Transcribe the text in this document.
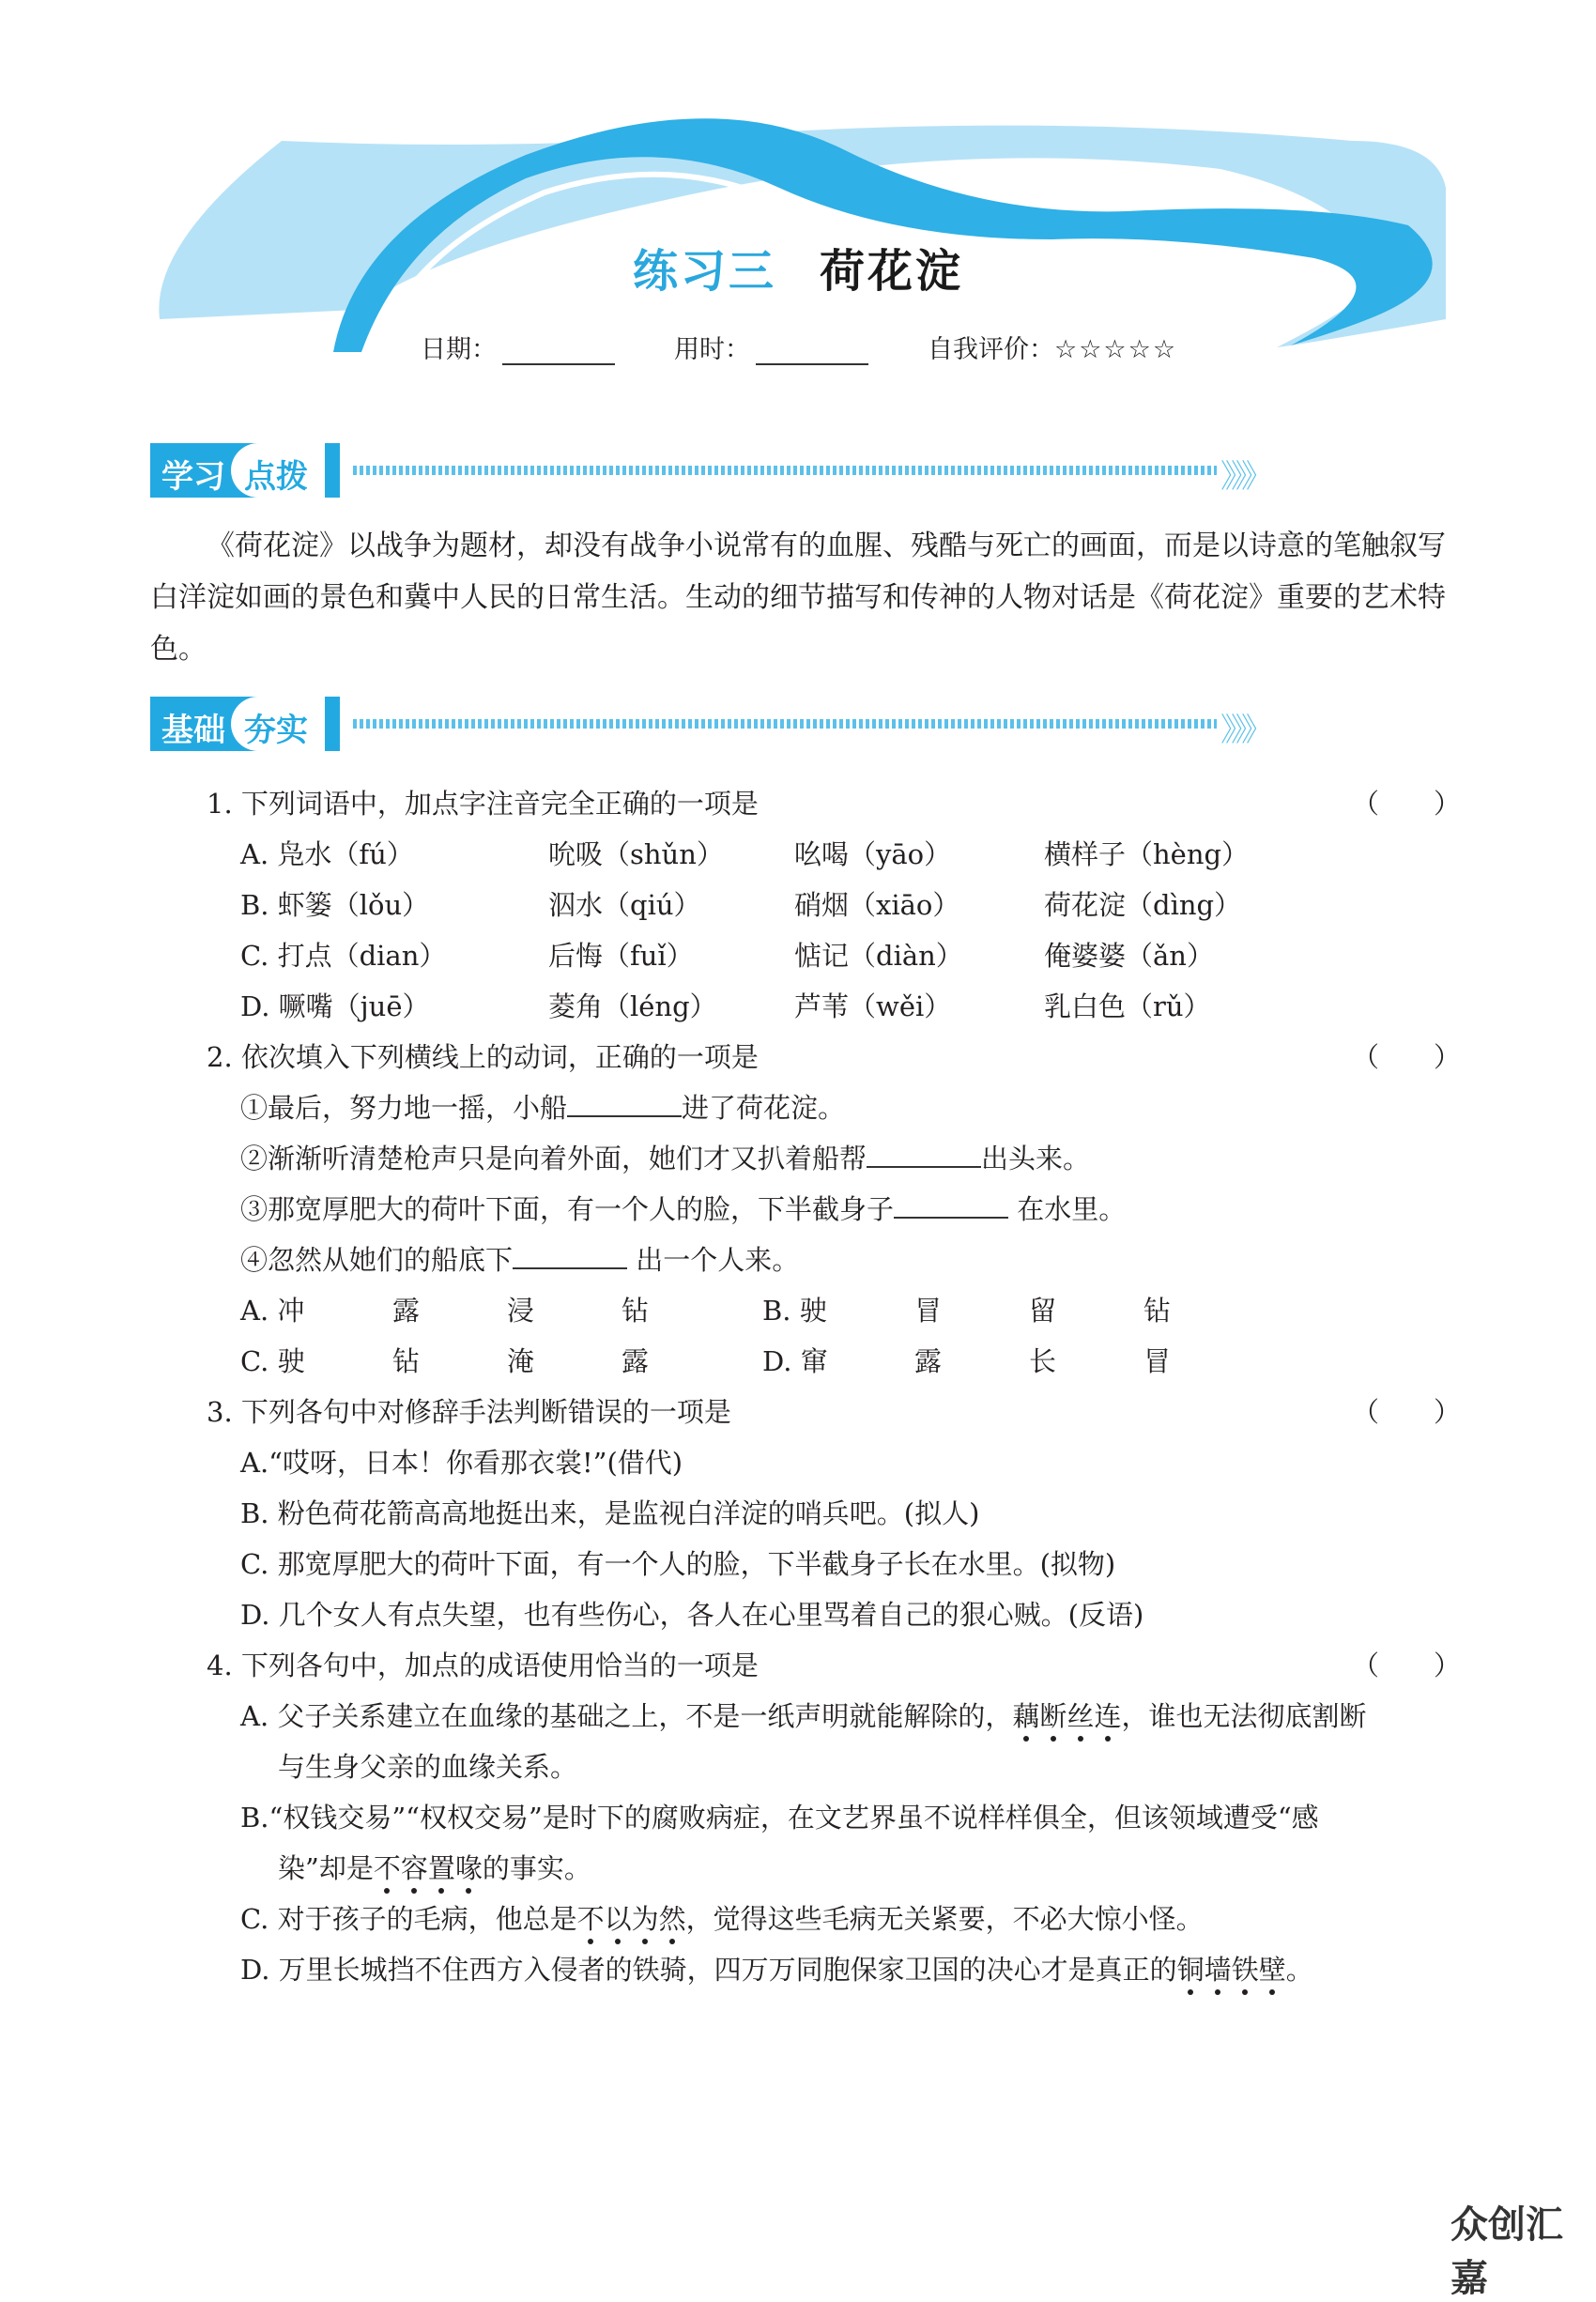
练习三 荷花淀
日期：	用时：	自我评价：☆☆☆☆☆
学习 点拨	》》》
《荷花淀》以战争为题材，却没有战争小说常有的血腥、残酷与死亡的画面，而是以诗意的笔触叙写白洋淀如画的景色和冀中人民的日常生活。生动的细节描写和传神的人物对话是《荷花淀》重要的艺术特色。
基础 夯实	》》》
1. 下列词语中，加点字注音完全正确的一项是	（　　）
A. 凫水（fú）	吮吸（shǔn）	吆喝（yāo）	横样子（hèng）
B. 虾篓（lǒu）	泅水（qiú）	硝烟（xiāo）	荷花淀（dìng）
C. 打点（dian）	后悔（fuǐ）	惦记（diàn）	俺婆婆（ǎn）
D. 噘嘴（juē）	菱角（léng）	芦苇（wěi）	乳白色（rǔ）
2. 依次填入下列横线上的动词，正确的一项是	（　　）
①最后，努力地一摇，小船	进了荷花淀。
②渐渐听清楚枪声只是向着外面，她们才又扒着船帮	出头来。
③那宽厚肥大的荷叶下面，有一个人的脸，下半截身子	在水里。
④忽然从她们的船底下	出一个人来。
A. 冲	露	浸	钻	B. 驶	冒	留	钻
C. 驶	钻	淹	露	D. 窜	露	长	冒
3. 下列各句中对修辞手法判断错误的一项是	（　　）
A.“哎呀，日本！你看那衣裳!”(借代)
B. 粉色荷花箭高高地挺出来，是监视白洋淀的哨兵吧。(拟人)
C. 那宽厚肥大的荷叶下面，有一个人的脸，下半截身子长在水里。(拟物)
D. 几个女人有点失望，也有些伤心，各人在心里骂着自己的狠心贼。(反语)
4. 下列各句中，加点的成语使用恰当的一项是	（　　）
A. 父子关系建立在血缘的基础之上，不是一纸声明就能解除的，藕断丝连，谁也无法彻底割断
与生身父亲的血缘关系。
B.“权钱交易”“权权交易”是时下的腐败病症，在文艺界虽不说样样俱全，但该领域遭受“感
染”却是不容置喙的事实。
C. 对于孩子的毛病，他总是不以为然，觉得这些毛病无关紧要，不必大惊小怪。
D. 万里长城挡不住西方入侵者的铁骑，四万万同胞保家卫国的决心才是真正的铜墙铁壁。
众创汇嘉
